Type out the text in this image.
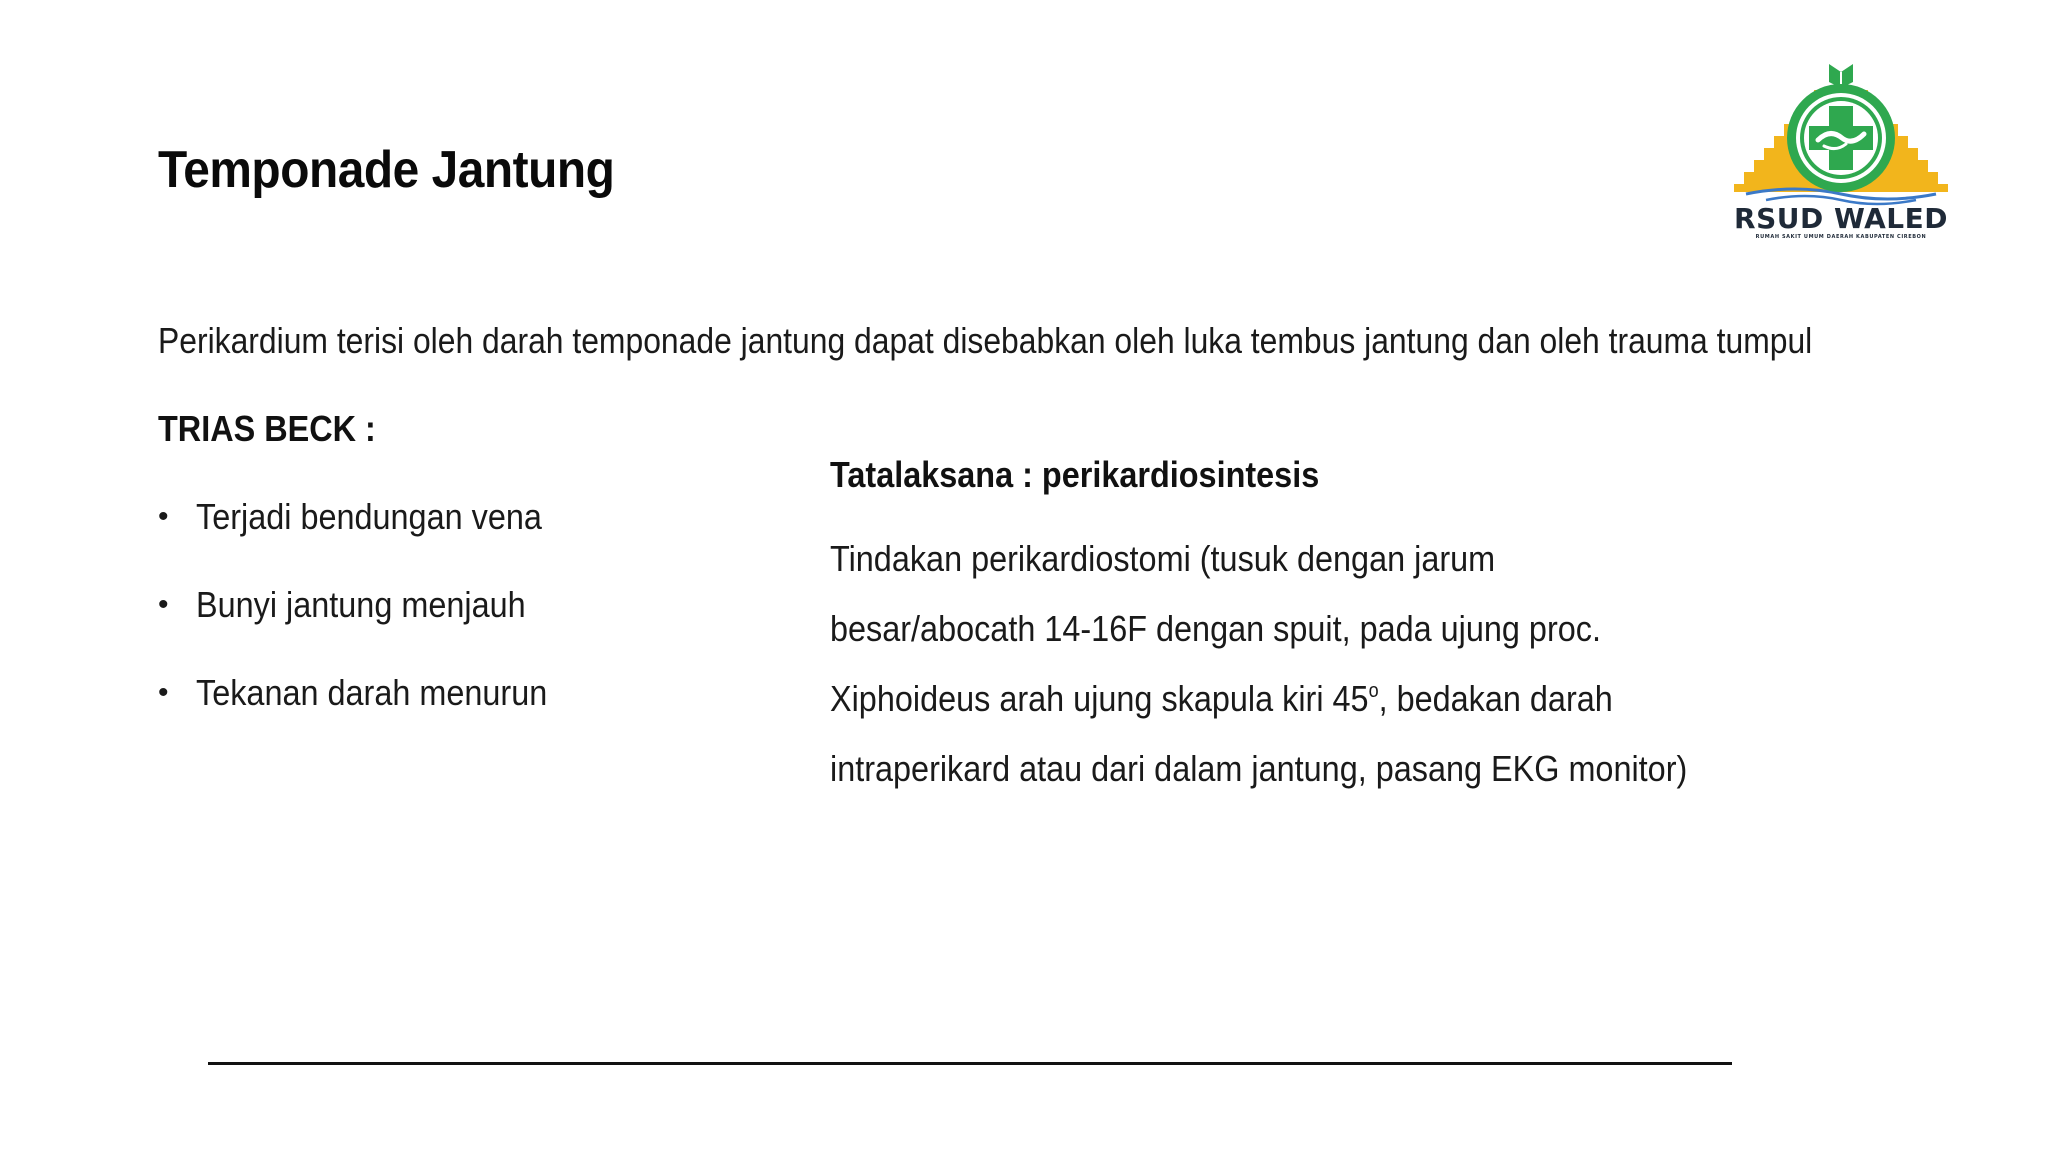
Temponade Jantung
RSUD WALED
RUMAH SAKIT UMUM DAERAH KABUPATEN CIREBON
Perikardium terisi oleh darah temponade jantung dapat disebabkan oleh luka tembus jantung dan oleh trauma tumpul
TRIAS BECK :
• Terjadi bendungan vena
• Bunyi jantung menjauh
• Tekanan darah menurun
Tatalaksana : perikardiosintesis
Tindakan perikardiostomi (tusuk dengan jarum
besar/abocath 14-16F dengan spuit, pada ujung proc.
Xiphoideus arah ujung skapula kiri 45$^o$, bedakan darah
intraperikard atau dari dalam jantung, pasang EKG monitor)
